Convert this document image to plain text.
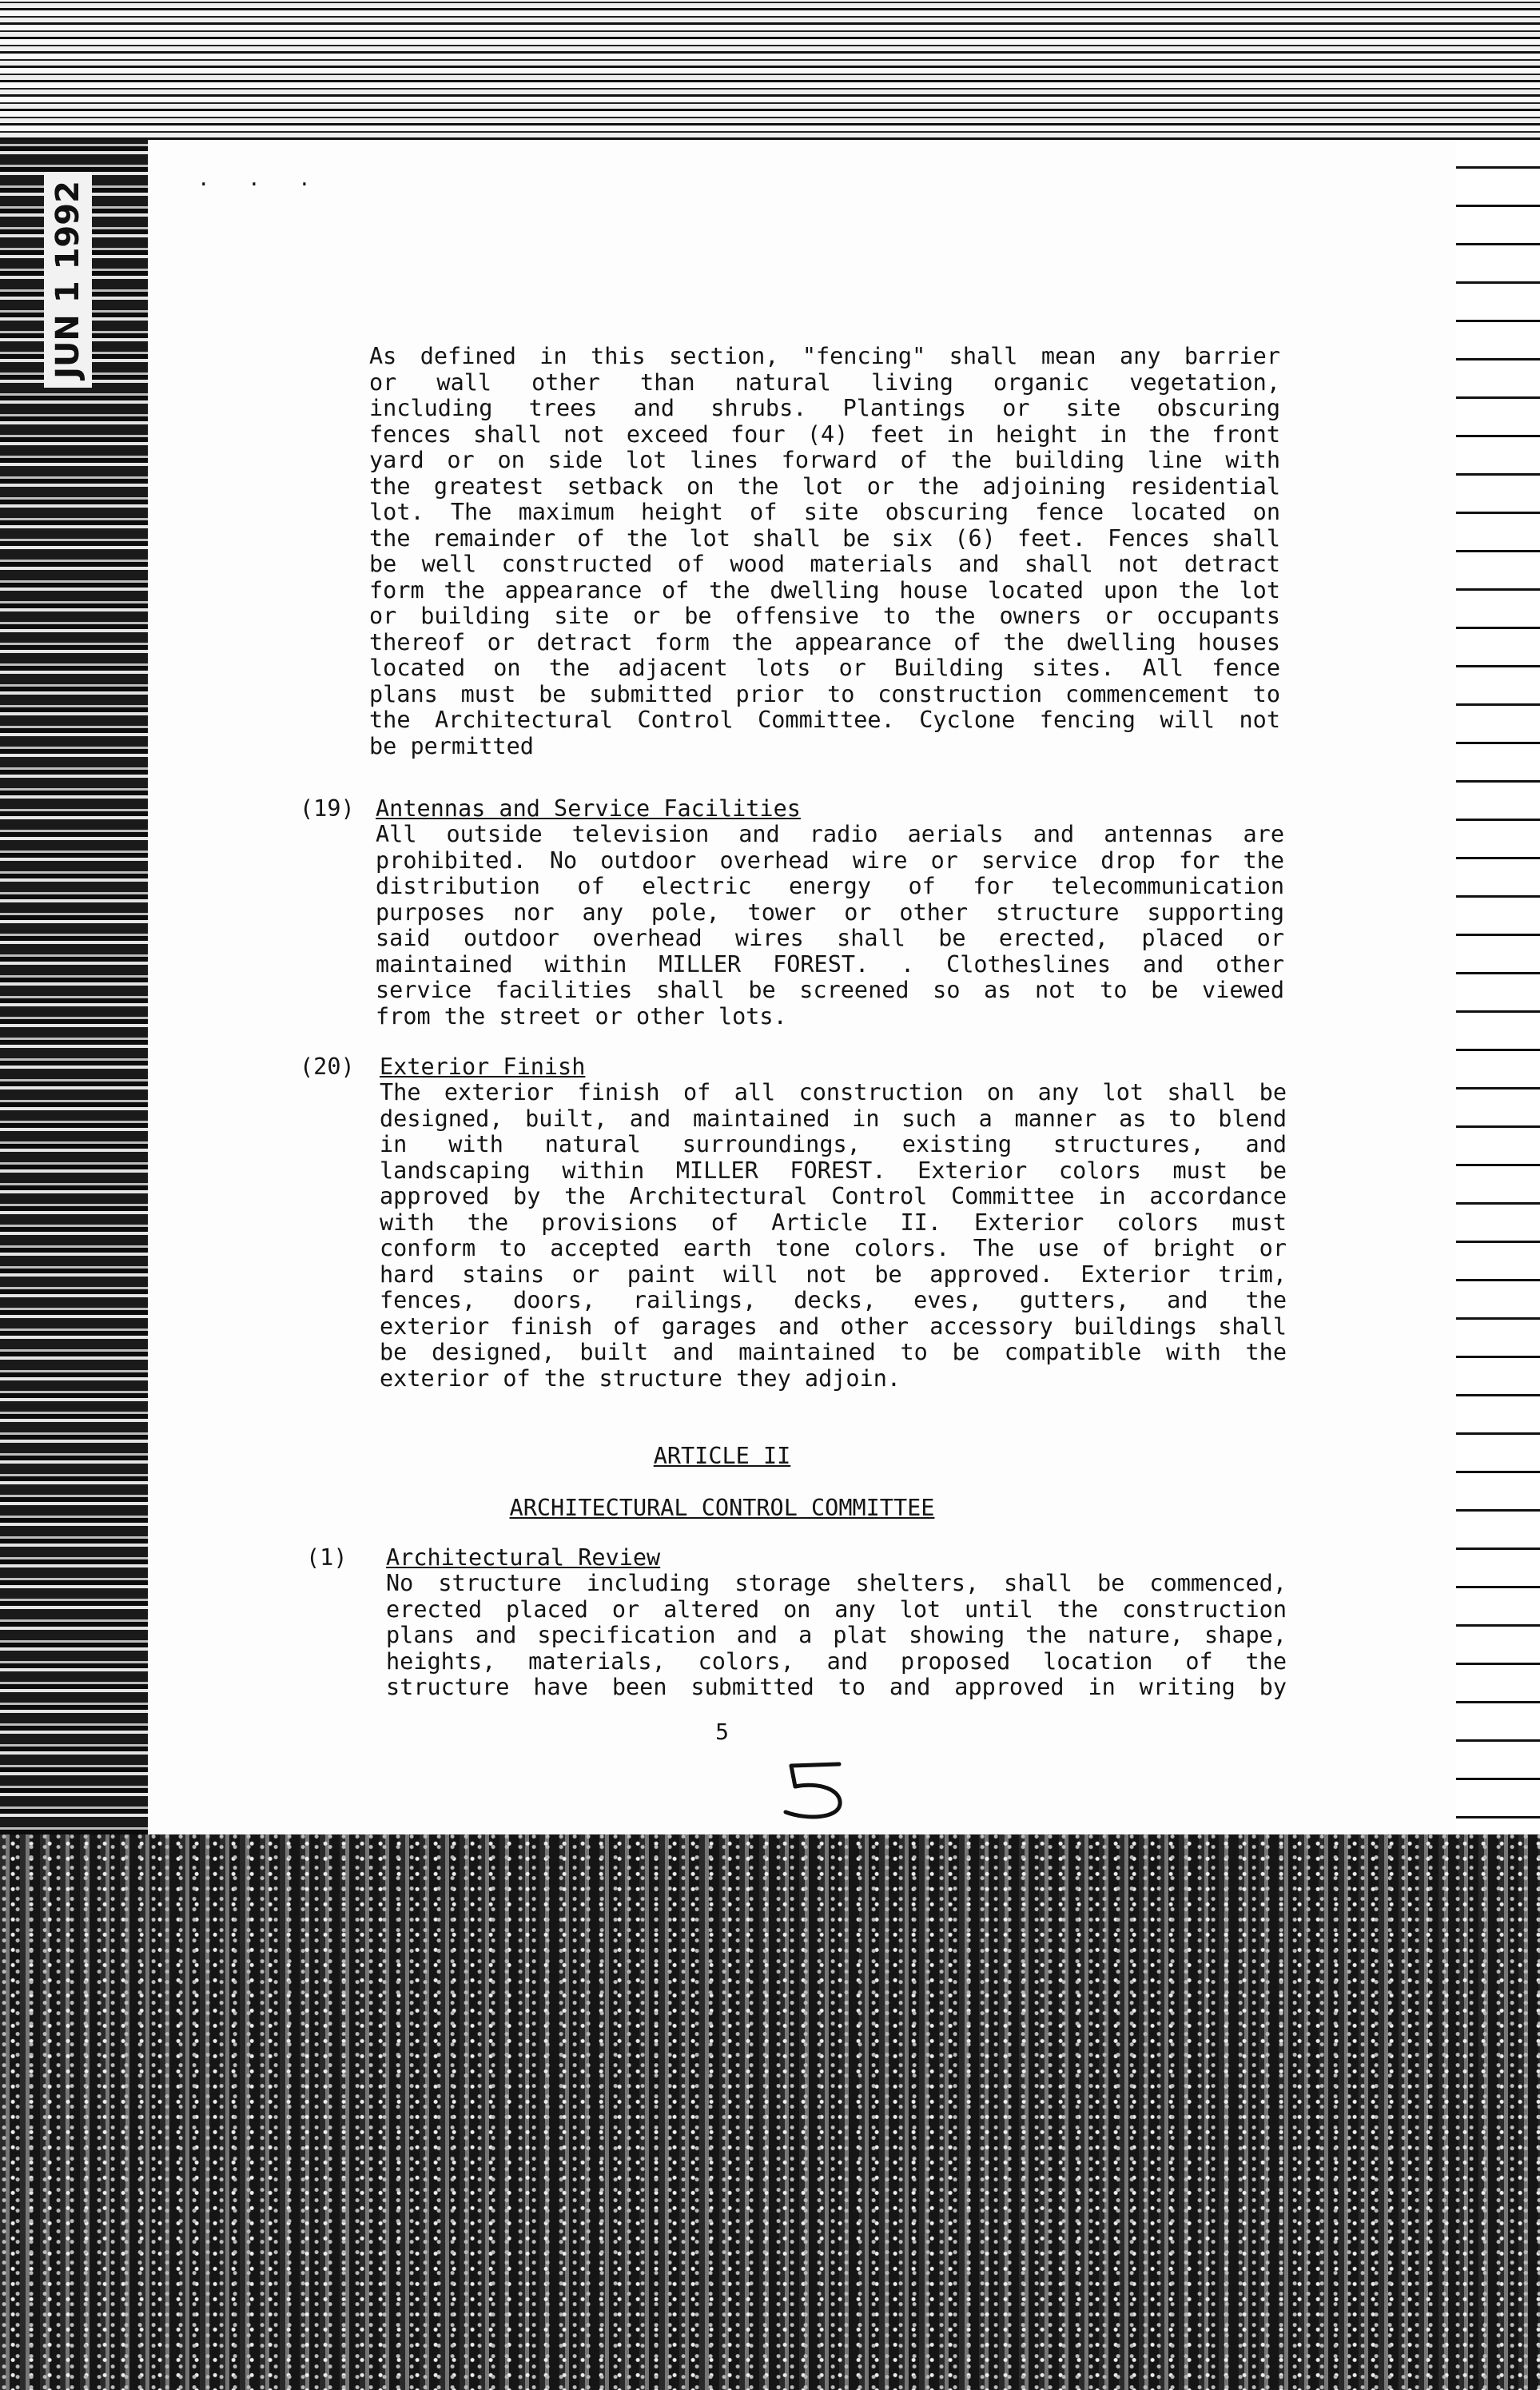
JUN 1 1992
. . .
As defined in this section, "fencing" shall mean any barrier
or wall other than natural living organic vegetation,
including trees and shrubs. Plantings or site obscuring
fences shall not exceed four (4) feet in height in the front
yard or on side lot lines forward of the building line with
the greatest setback on the lot or the adjoining residential
lot. The maximum height of site obscuring fence located on
the remainder of the lot shall be six (6) feet. Fences shall
be well constructed of wood materials and shall not detract
form the appearance of the dwelling house located upon the lot
or building site or be offensive to the owners or occupants
thereof or detract form the appearance of the dwelling houses
located on the adjacent lots or Building sites. All fence
plans must be submitted prior to construction commencement to
the Architectural Control Committee. Cyclone fencing will not
be permitted
(19) Antennas and Service Facilities
All outside television and radio aerials and antennas are
prohibited. No outdoor overhead wire or service drop for the
distribution of electric energy of for telecommunication
purposes nor any pole, tower or other structure supporting
said outdoor overhead wires shall be erected, placed or
maintained within MILLER FOREST. . Clotheslines and other
service facilities shall be screened so as not to be viewed
from the street or other lots.
(20) Exterior Finish
The exterior finish of all construction on any lot shall be
designed, built, and maintained in such a manner as to blend
in with natural surroundings, existing structures, and
landscaping within MILLER FOREST. Exterior colors must be
approved by the Architectural Control Committee in accordance
with the provisions of Article II. Exterior colors must
conform to accepted earth tone colors. The use of bright or
hard stains or paint will not be approved. Exterior trim,
fences, doors, railings, decks, eves, gutters, and the
exterior finish of garages and other accessory buildings shall
be designed, built and maintained to be compatible with the
exterior of the structure they adjoin.
ARTICLE II
ARCHITECTURAL CONTROL COMMITTEE
(1) Architectural Review
No structure including storage shelters, shall be commenced,
erected placed or altered on any lot until the construction
plans and specification and a plat showing the nature, shape,
heights, materials, colors, and proposed location of the
structure have been submitted to and approved in writing by
5
